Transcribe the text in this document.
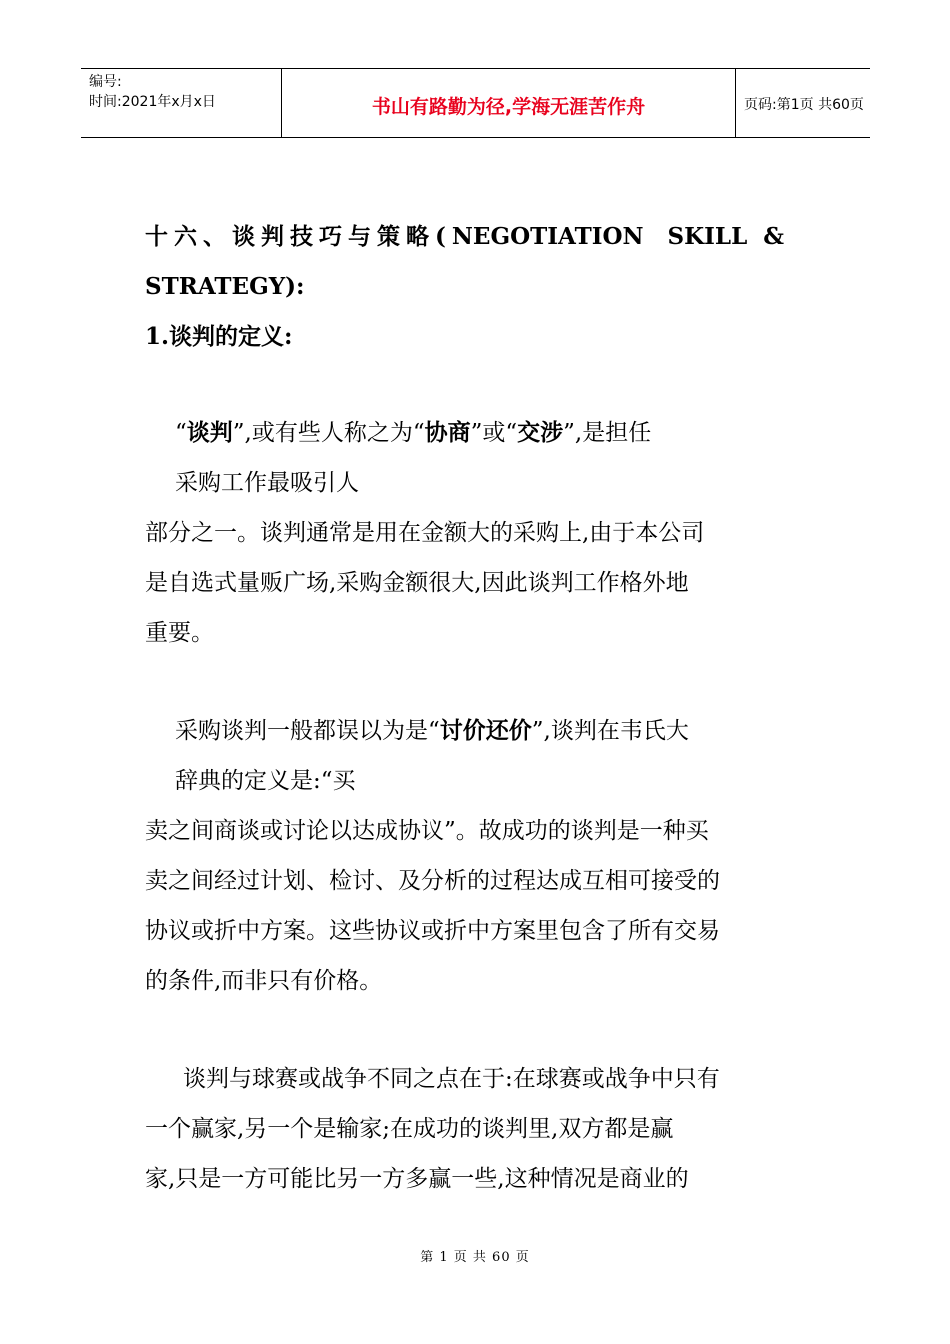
编号:
时间:2021年x月x日	书山有路勤为径,学海无涯苦作舟	页码:第1页 共60页
十六、谈判技巧与策略(NEGOTIATION   SKILL  &
STRATEGY):
1.谈判的定义:

“谈判”,或有些人称之为“协商”或“交涉”,是担任

采购工作最吸引人

部分之一。谈判通常是用在金额大的采购上,由于本公司

是自选式量贩广场,采购金额很大,因此谈判工作格外地

重要。

采购谈判一般都误以为是“讨价还价”,谈判在韦氏大

辞典的定义是:“买

卖之间商谈或讨论以达成协议”。故成功的谈判是一种买

卖之间经过计划、检讨、及分析的过程达成互相可接受的

协议或折中方案。这些协议或折中方案里包含了所有交易

的条件,而非只有价格。

谈判与球赛或战争不同之点在于:在球赛或战争中只有

一个赢家,另一个是输家;在成功的谈判里,双方都是赢

家,只是一方可能比另一方多赢一些,这种情况是商业的

第 1 页 共 60 页
